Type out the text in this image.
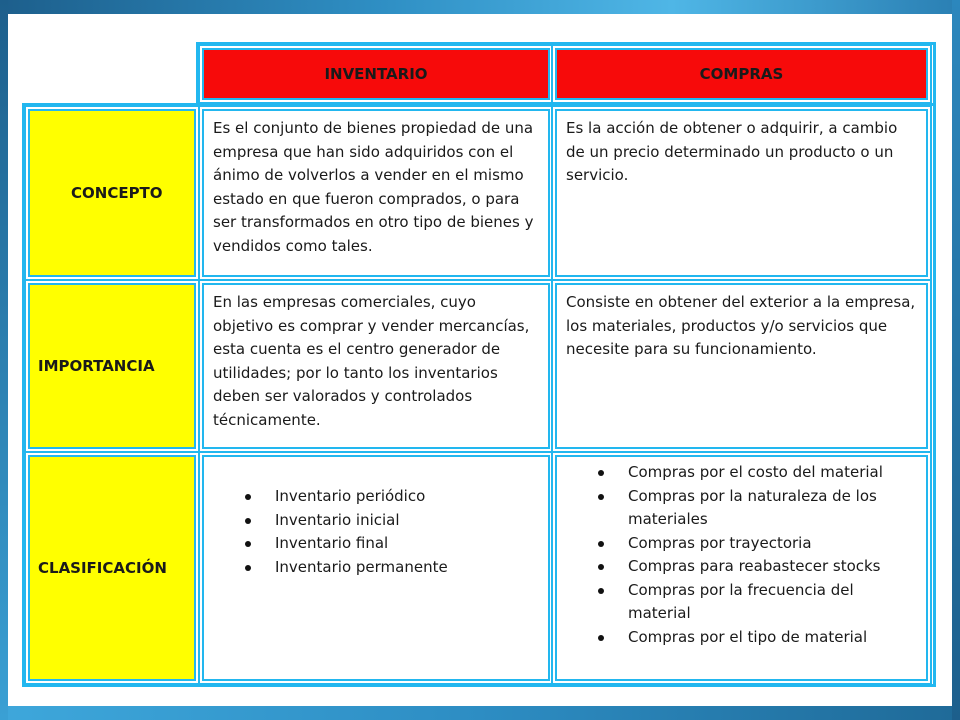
INVENTARIO	COMPRAS
CONCEPTO
Es el conjunto de bienes propiedad de una empresa que han sido adquiridos con el ánimo de volverlos a vender en el mismo estado en que fueron comprados, o para ser transformados en otro tipo de bienes y vendidos como tales.
Es la acción de obtener o adquirir, a cambio de un precio determinado un producto o un servicio.
IMPORTANCIA
En las empresas comerciales, cuyo objetivo es comprar y vender mercancías, esta cuenta es el centro generador de utilidades; por lo tanto los inventarios deben ser valorados y controlados técnicamente.
Consiste en obtener del exterior a la empresa, los materiales, productos y/o servicios que necesite para su funcionamiento.
CLASIFICACIÓN
Inventario periódico
Inventario inicial
Inventario final
Inventario permanente
Compras por el costo del material
Compras por la naturaleza de los materiales
Compras por trayectoria
Compras para reabastecer stocks
Compras por la frecuencia del material
Compras por el tipo de material
